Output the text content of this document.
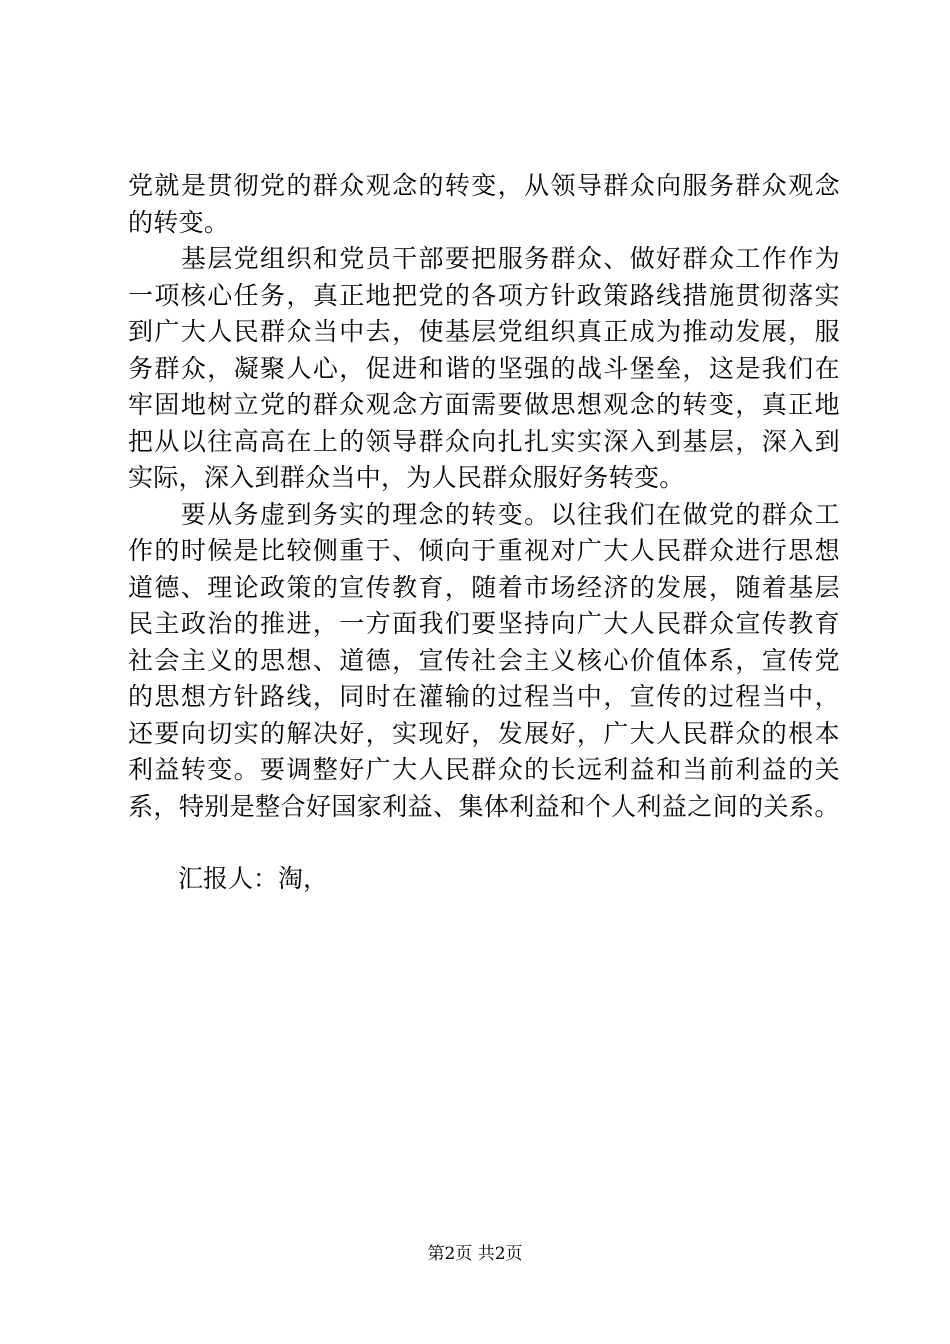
党 就 是 贯 彻 党 的 群 众 观 念 的 转 变 ， 从 领 导 群 众 向 服 务 群 众 观 念
的转变。

基 层 党 组 织 和 党 员 干 部 要 把 服 务 群 众 、 做 好 群 众 工 作 作 为
一 项 核 心 任 务 ， 真 正 地 把 党 的 各 项 方 针 政 策 路 线 措 施 贯 彻 落 实
到 广 大 人 民 群 众 当 中 去 ， 使 基 层 党 组 织 真 正 成 为 推 动 发 展 ， 服
务 群 众 ， 凝 聚 人 心 ， 促 进 和 谐 的 坚 强 的 战 斗 堡 垒 ， 这 是 我 们 在
牢 固 地 树 立 党 的 群 众 观 念 方 面 需 要 做 思 想 观 念 的 转 变 ， 真 正 地
把 从 以 往 高 高 在 上 的 领 导 群 众 向 扎 扎 实 实 深 入 到 基 层 ， 深 入 到
实际，深入到群众当中，为人民群众服好务转变。

要 从 务 虚 到 务 实 的 理 念 的 转 变 。 以 往 我 们 在 做 党 的 群 众 工
作 的 时 候 是 比 较 侧 重 于 、 倾 向 于 重 视 对 广 大 人 民 群 众 进 行 思 想
道 德 、 理 论 政 策 的 宣 传 教 育 ， 随 着 市 场 经 济 的 发 展 ， 随 着 基 层
民 主 政 治 的 推 进 ， 一 方 面 我 们 要 坚 持 向 广 大 人 民 群 众 宣 传 教 育
社 会 主 义 的 思 想 、 道 德 ， 宣 传 社 会 主 义 核 心 价 值 体 系 ， 宣 传 党
的 思 想 方 针 路 线 ， 同 时 在 灌 输 的 过 程 当 中 ， 宣 传 的 过 程 当 中 ，
还 要 向 切 实 的 解 决 好 ， 实 现 好 ， 发 展 好 ， 广 大 人 民 群 众 的 根 本
利 益 转 变 。 要 调 整 好 广 大 人 民 群 众 的 长 远 利 益 和 当 前 利 益 的 关
系 ， 特 别 是 整 合 好 国 家 利 益 、 集 体 利 益 和 个 人 利 益 之 间 的 关 系 。
　　汇报人：淘，
第2页 共2页
